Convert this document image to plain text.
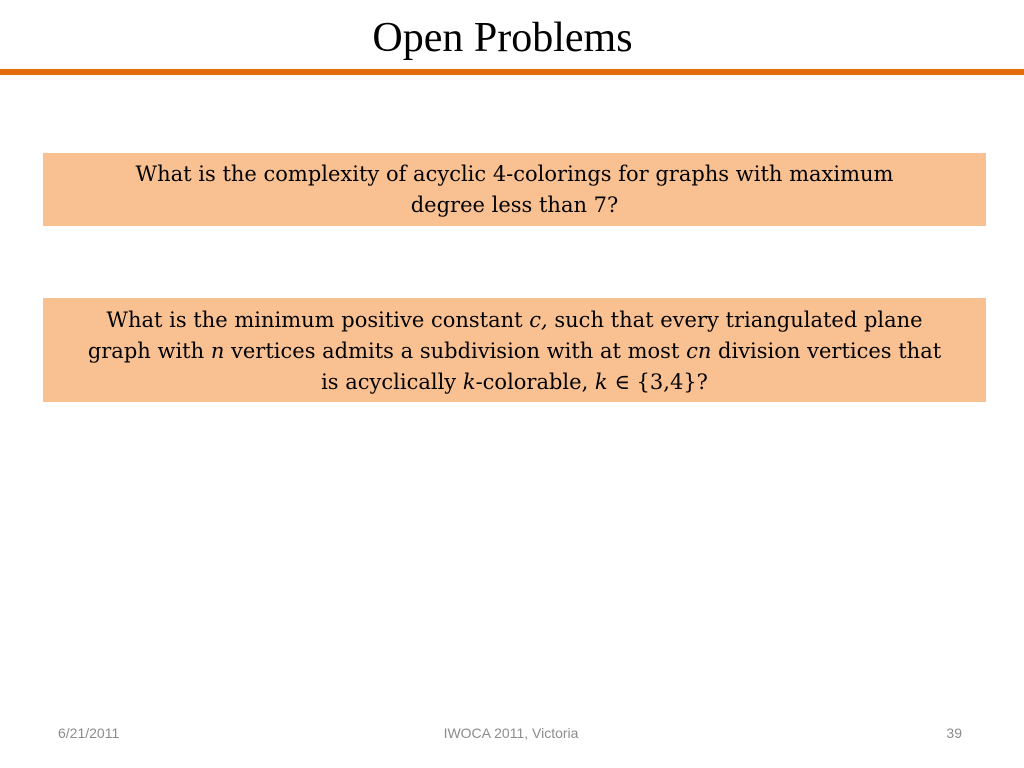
Open Problems
What is the complexity of acyclic 4-colorings for graphs with maximum
degree less than 7?
What is the minimum positive constant c, such that every triangulated plane
graph with n vertices admits a subdivision with at most cn division vertices that
is acyclically k-colorable, k ∈ {3,4}?
6/21/2011	IWOCA 2011, Victoria	39
